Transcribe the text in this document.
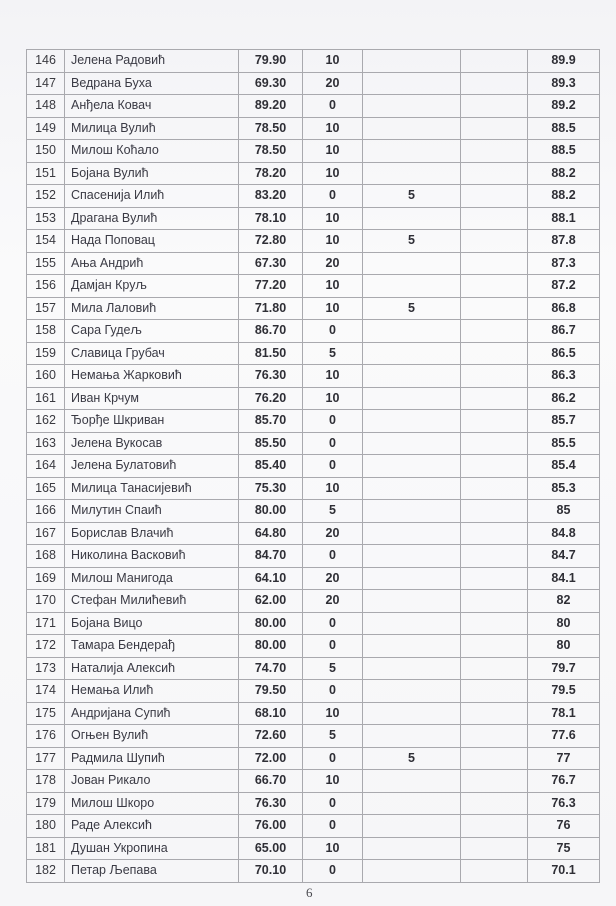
146	Јелена Радовић	79.90	10			89.9
147	Ведрана Буха	69.30	20			89.3
148	Анђела Ковач	89.20	0			89.2
149	Милица Вулић	78.50	10			88.5
150	Милош Коћало	78.50	10			88.5
151	Бојана Вулић	78.20	10			88.2
152	Спасенија Илић	83.20	0	5		88.2
153	Драгана Вулић	78.10	10			88.1
154	Нада Поповац	72.80	10	5		87.8
155	Ања Андрић	67.30	20			87.3
156	Дамјан Круљ	77.20	10			87.2
157	Мила Лаловић	71.80	10	5		86.8
158	Сара Гудељ	86.70	0			86.7
159	Славица Грубач	81.50	5			86.5
160	Немања Жарковић	76.30	10			86.3
161	Иван Крчум	76.20	10			86.2
162	Ђорђе Шкриван	85.70	0			85.7
163	Јелена Вукосав	85.50	0			85.5
164	Јелена Булатовић	85.40	0			85.4
165	Милица Танасијевић	75.30	10			85.3
166	Милутин Спаић	80.00	5			85
167	Борислав Влачић	64.80	20			84.8
168	Николина Васковић	84.70	0			84.7
169	Милош Манигода	64.10	20			84.1
170	Стефан Милићевић	62.00	20			82
171	Бојана Вицо	80.00	0			80
172	Тамара Бендерађ	80.00	0			80
173	Наталија Алексић	74.70	5			79.7
174	Немања Илић	79.50	0			79.5
175	Андријана Супић	68.10	10			78.1
176	Огњен Вулић	72.60	5			77.6
177	Радмила Шупић	72.00	0	5		77
178	Јован Рикало	66.70	10			76.7
179	Милош Шкоро	76.30	0			76.3
180	Раде Алексић	76.00	0			76
181	Душан Укропина	65.00	10			75
182	Петар Љепава	70.10	0			70.1
6
